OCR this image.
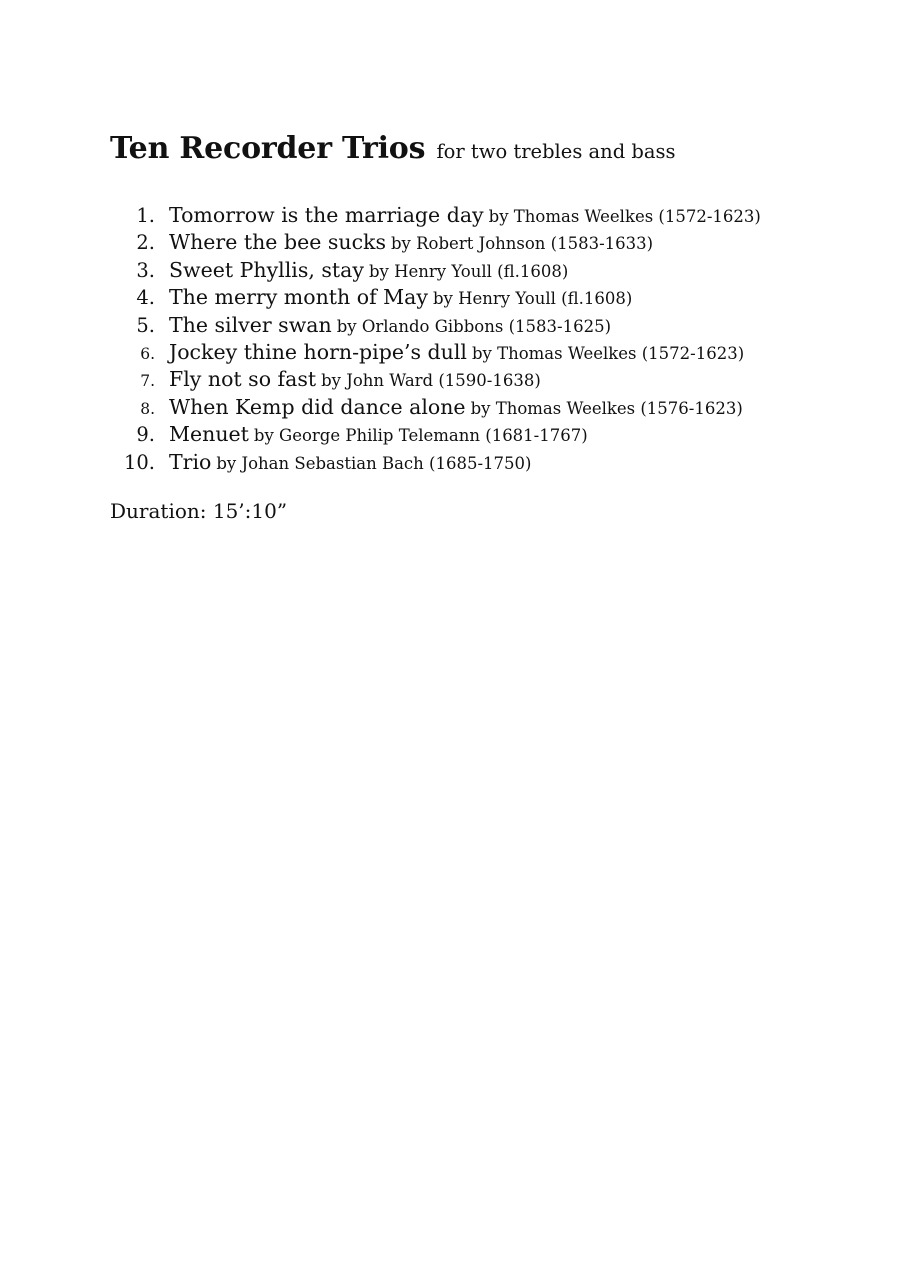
Ten Recorder Trios for two trebles and bass
1. Tomorrow is the marriage day by Thomas Weelkes (1572-1623)
2. Where the bee sucks by Robert Johnson (1583-1633)
3. Sweet Phyllis, stay by Henry Youll (fl.1608)
4. The merry month of May by Henry Youll (fl.1608)
5. The silver swan by Orlando Gibbons (1583-1625)
6. Jockey thine horn-pipe’s dull by Thomas Weelkes (1572-1623)
7. Fly not so fast by John Ward (1590-1638)
8. When Kemp did dance alone by Thomas Weelkes (1576-1623)
9. Menuet by George Philip Telemann (1681-1767)
10. Trio by Johan Sebastian Bach (1685-1750)
Duration: 15’:10”
